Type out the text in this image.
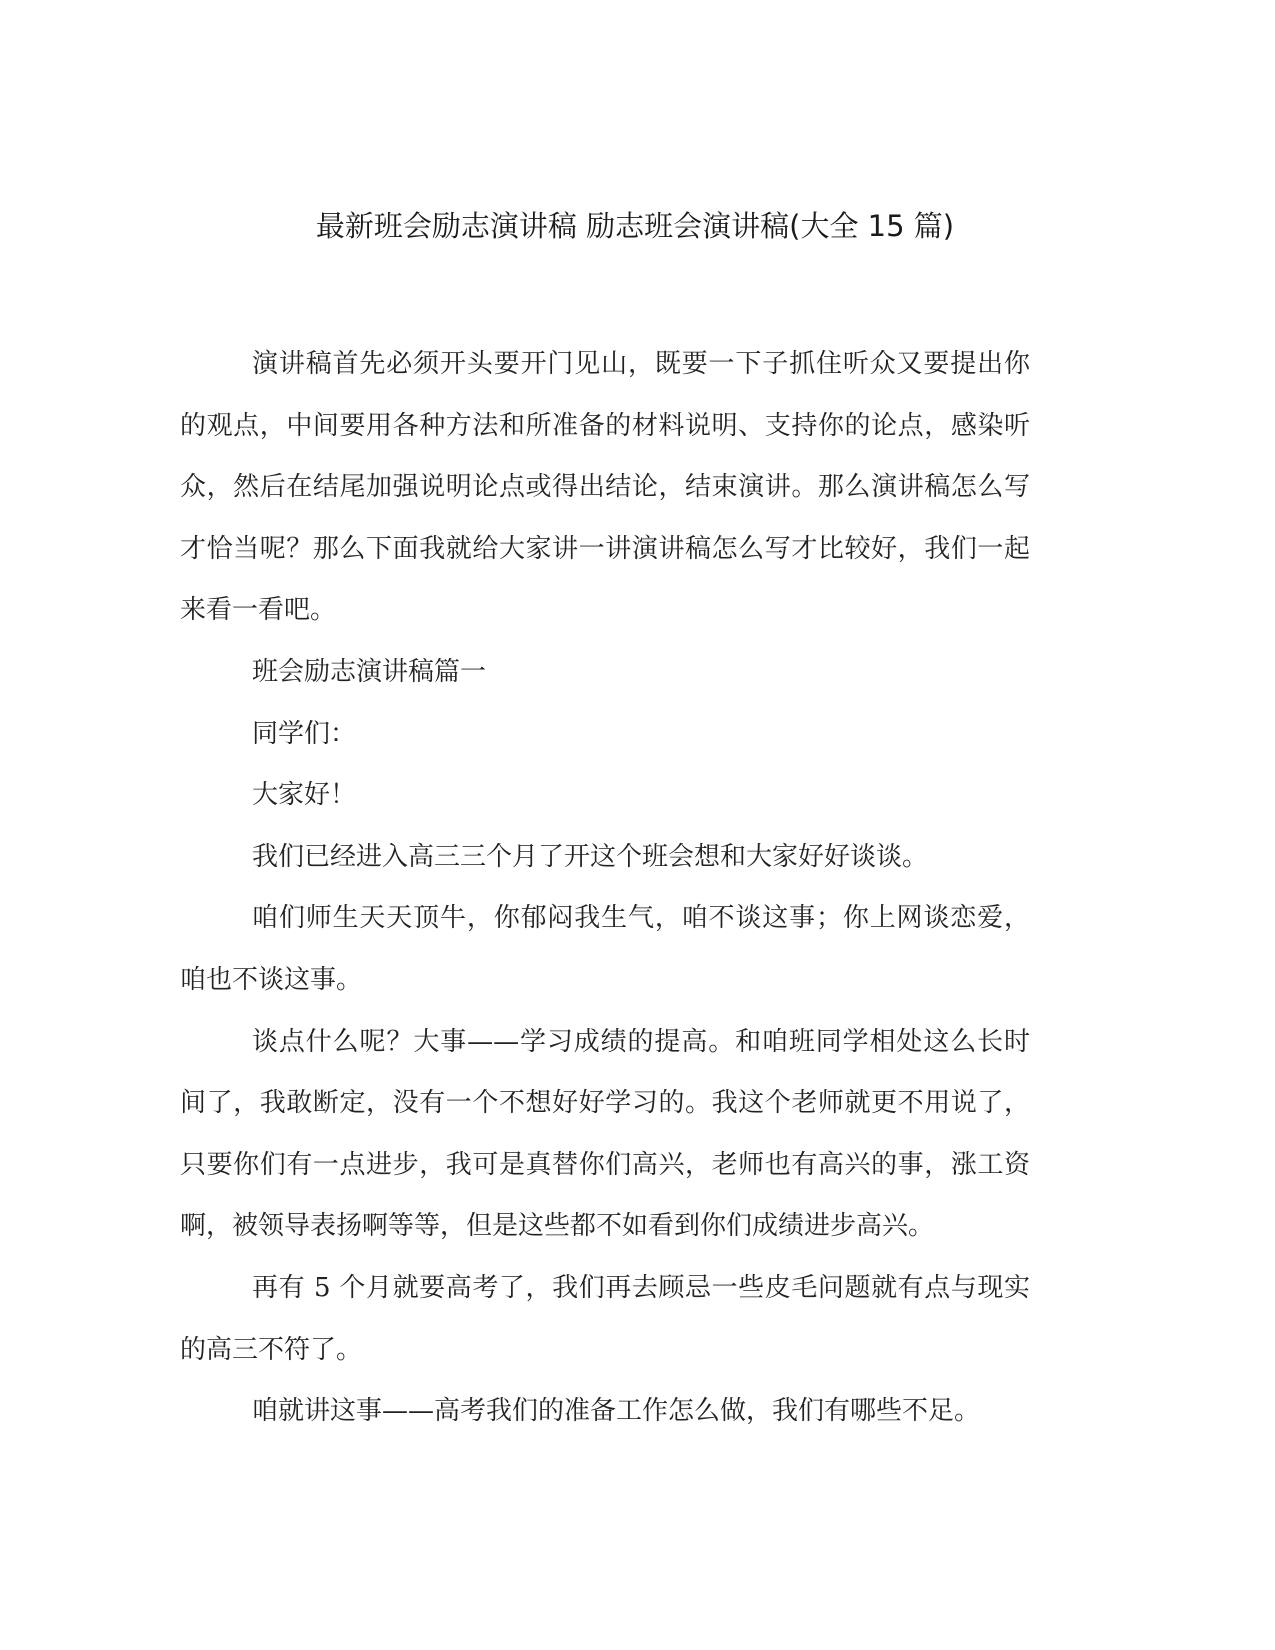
最新班会励志演讲稿 励志班会演讲稿(大全 15 篇)

演讲稿首先必须开头要开门见山，既要一下子抓住听众又要提出你的观点，中间要用各种方法和所准备的材料说明、支持你的论点，感染听众，然后在结尾加强说明论点或得出结论，结束演讲。那么演讲稿怎么写才恰当呢？那么下面我就给大家讲一讲演讲稿怎么写才比较好，我们一起来看一看吧。

班会励志演讲稿篇一

同学们：

大家好！

我们已经进入高三三个月了开这个班会想和大家好好谈谈。

咱们师生天天顶牛，你郁闷我生气，咱不谈这事；你上网谈恋爱，咱也不谈这事。

谈点什么呢？大事——学习成绩的提高。和咱班同学相处这么长时间了，我敢断定，没有一个不想好好学习的。我这个老师就更不用说了，只要你们有一点进步，我可是真替你们高兴，老师也有高兴的事，涨工资啊，被领导表扬啊等等，但是这些都不如看到你们成绩进步高兴。

再有 5 个月就要高考了，我们再去顾忌一些皮毛问题就有点与现实的高三不符了。

咱就讲这事——高考我们的准备工作怎么做，我们有哪些不足。
